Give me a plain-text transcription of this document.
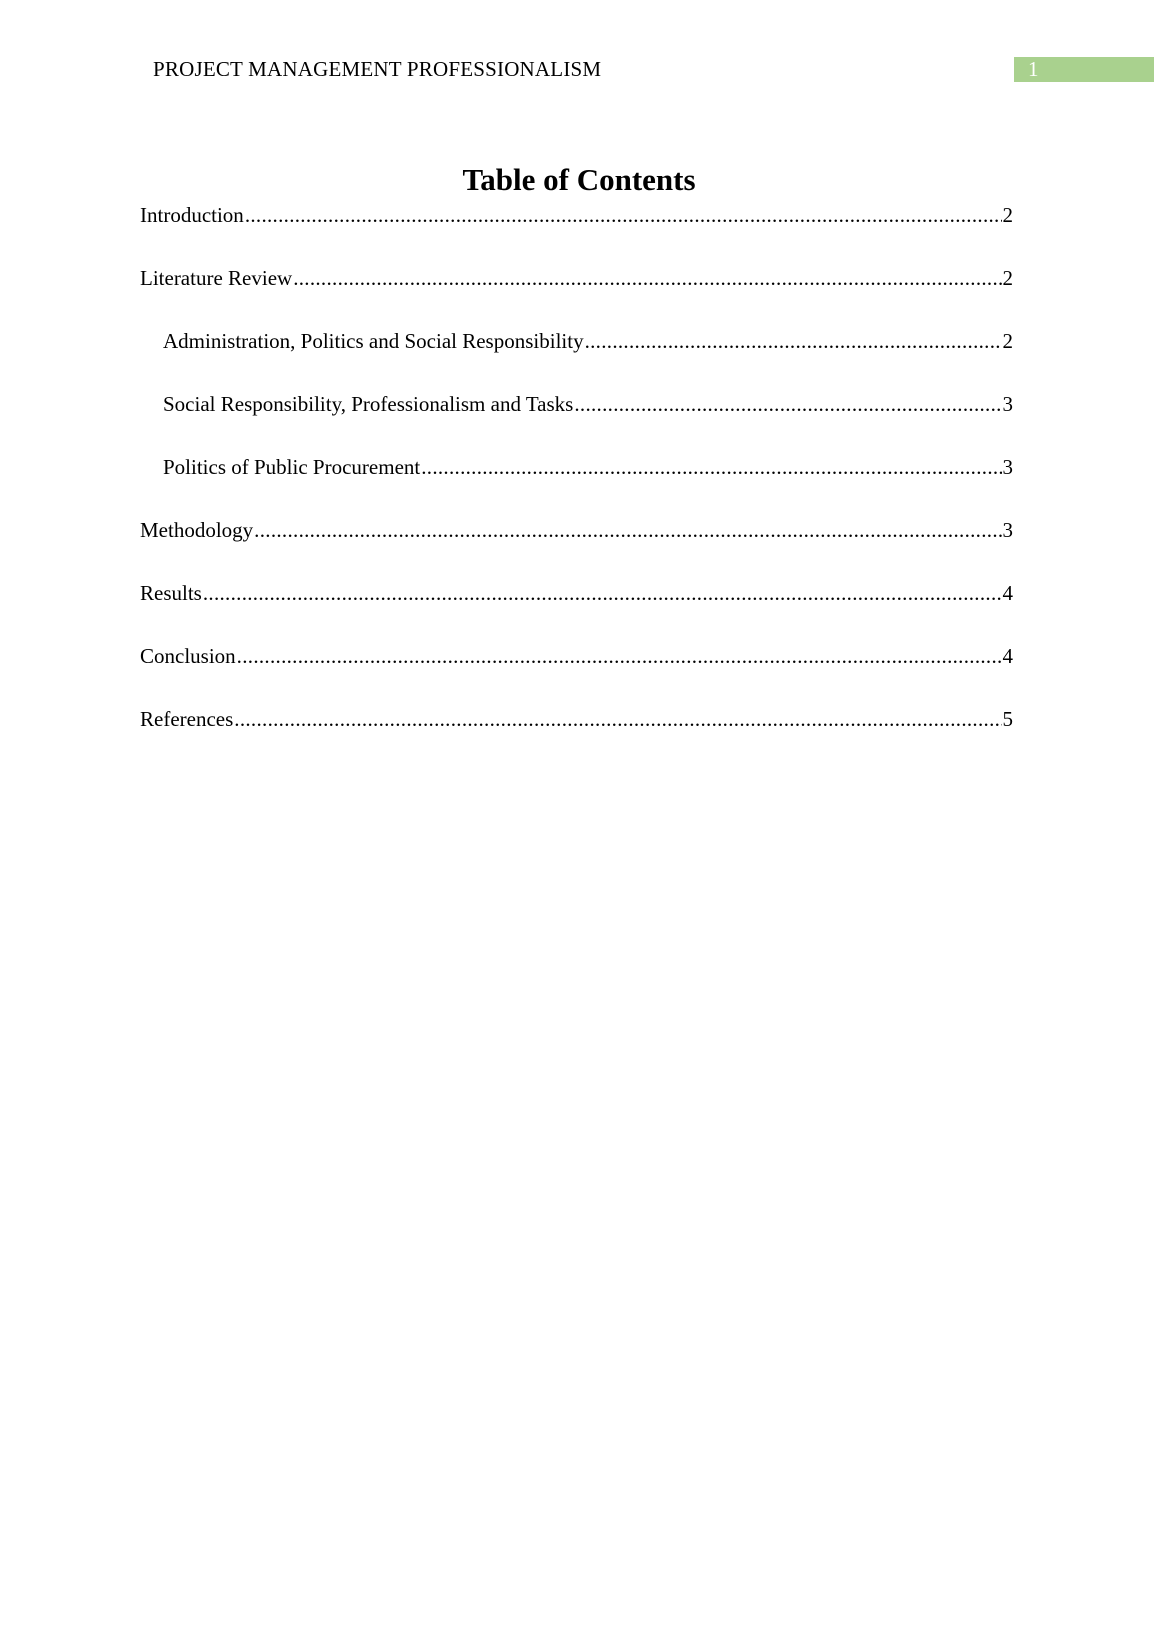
PROJECT MANAGEMENT PROFESSIONALISM	1
Table of Contents
Introduction .....	2
Literature Review .....	2
Administration, Politics and Social Responsibility .....	2
Social Responsibility, Professionalism and Tasks .....	3
Politics of Public Procurement .....	3
Methodology .....	3
Results .....	4
Conclusion .....	4
References .....	5
